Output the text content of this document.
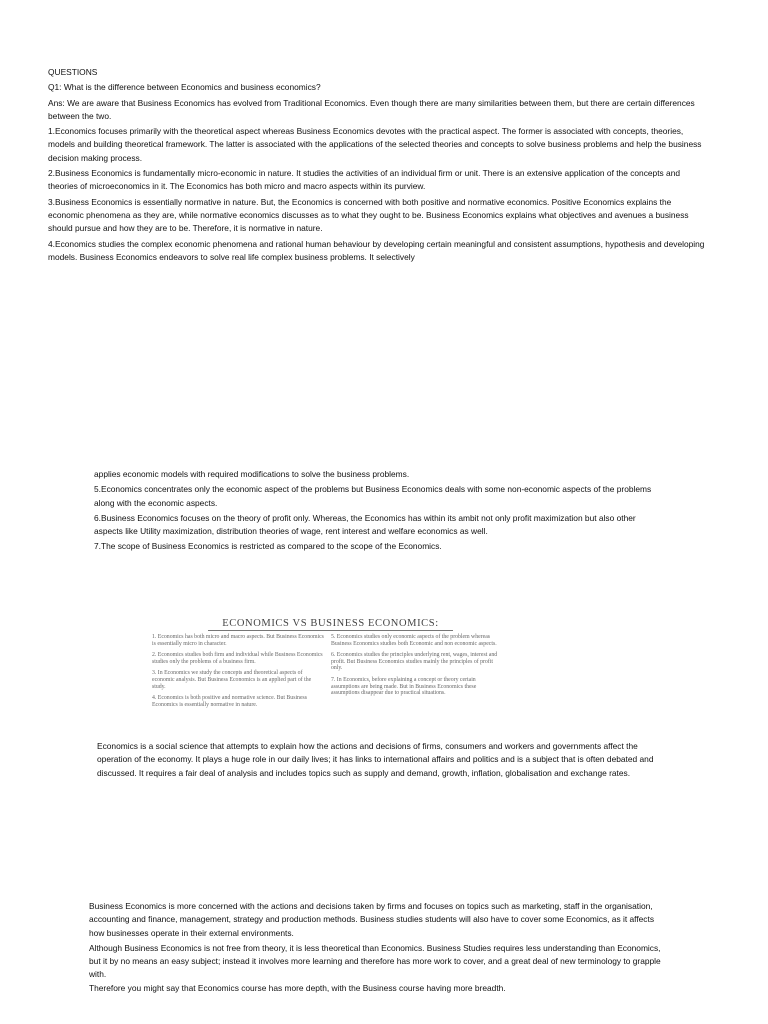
QUESTIONS

Q1: What is the difference between Economics and business economics?

Ans: We are aware that Business Economics has evolved from Traditional Economics. Even though there are many similarities between them, but there are certain differences between the two.

1.Economics focuses primarily with the theoretical aspect whereas Business Economics devotes with the practical aspect. The former is associated with concepts, theories, models and building theoretical framework. The latter is associated with the applications of the selected theories and concepts to solve business problems and help the business decision making process.

2.Business Economics is fundamentally micro-economic in nature. It studies the activities of an individual firm or unit. There is an extensive application of the concepts and theories of microeconomics in it. The Economics has both micro and macro aspects within its purview.

3.Business Economics is essentially normative in nature. But, the Economics is concerned with both positive and normative economics. Positive Economics explains the economic phenomena as they are, while normative economics discusses as to what they ought to be. Business Economics explains what objectives and avenues a business should pursue and how they are to be. Therefore, it is normative in nature.

4.Economics studies the complex economic phenomena and rational human behaviour by developing certain meaningful and consistent assumptions, hypothesis and developing models. Business Economics endeavors to solve real life complex business problems. It selectively

applies economic models with required modifications to solve the business problems.

5.Economics concentrates only the economic aspect of the problems but Business Economics deals with some non-economic aspects of the problems along with the economic aspects.

6.Business Economics focuses on the theory of profit only. Whereas, the Economics has within its ambit not only profit maximization but also other aspects like Utility maximization, distribution theories of wage, rent interest and welfare economics as well.

7.The scope of Business Economics is restricted as compared to the scope of the Economics.

ECONOMICS VS BUSINESS ECONOMICS:
1. Economics has both micro and macro aspects. But Business Economics is essentially micro in character.
2. Economics studies both firm and individual while Business Economics studies only the problems of a business firm.
3. In Economics we study the concepts and theoretical aspects of economic analysis. But Business Economics is an applied part of the study.
4. Economics is both positive and normative science. But Business Economics is essentially normative in nature.
5. Economics studies only economic aspects of the problem whereas Business Economics studies both Economic and non economic aspects.
6. Economics studies the principles underlying rent, wages, interest and profit. But Business Economics studies mainly the principles of profit only.
7. In Economics, before explaining a concept or theory certain assumptions are being made. But in Business Economics these assumptions disappear due to practical situations.

Economics is a social science that attempts to explain how the actions and decisions of firms, consumers and workers and governments affect the operation of the economy. It plays a huge role in our daily lives; it has links to international affairs and politics and is a subject that is often debated and discussed. It requires a fair deal of analysis and includes topics such as supply and demand, growth, inflation, globalisation and exchange rates.

Business Economics is more concerned with the actions and decisions taken by firms and focuses on topics such as marketing, staff in the organisation, accounting and finance, management, strategy and production methods. Business studies students will also have to cover some Economics, as it affects how businesses operate in their external environments.

Although Business Economics is not free from theory, it is less theoretical than Economics. Business Studies requires less understanding than Economics, but it by no means an easy subject; instead it involves more learning and therefore has more work to cover, and a great deal of new terminology to grapple with.

Therefore you might say that Economics course has more depth, with the Business course having more breadth.
